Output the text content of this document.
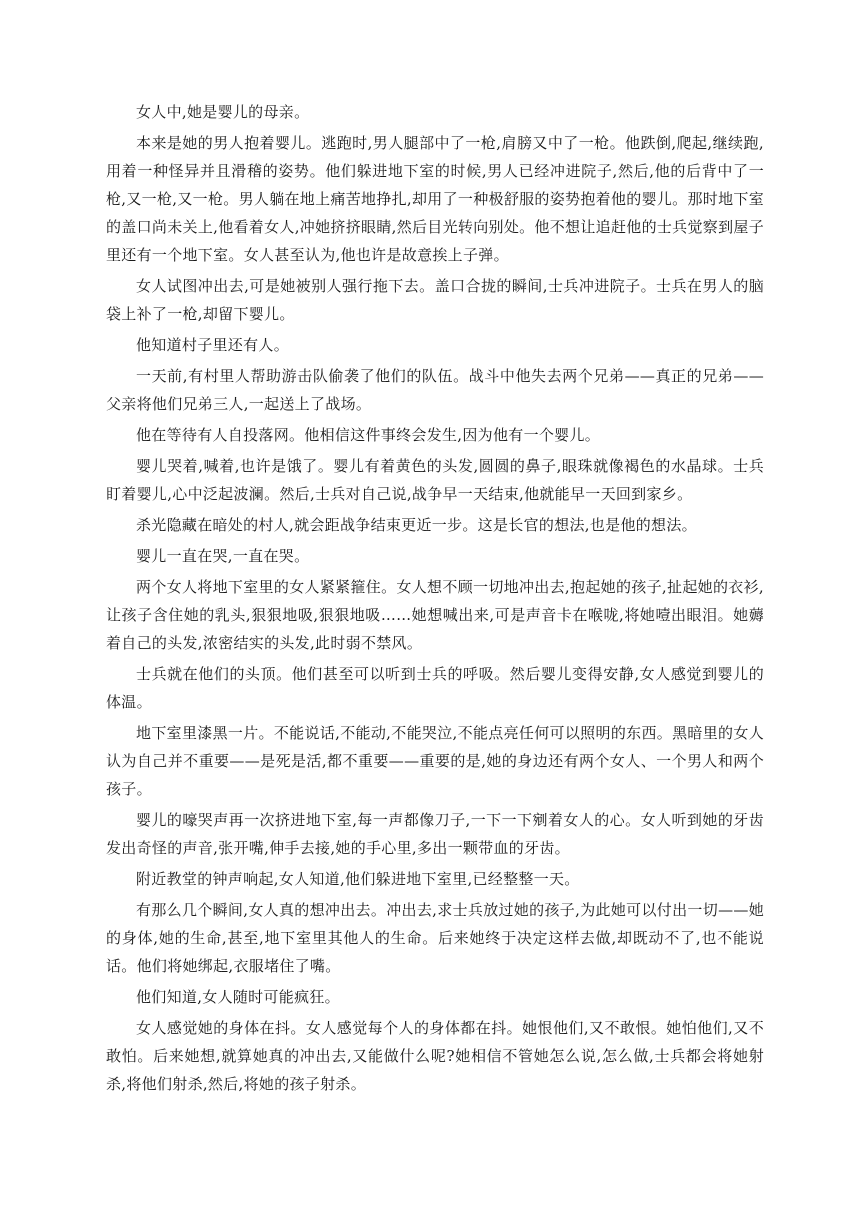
女人中,她是婴儿的母亲。

本来是她的男人抱着婴儿。逃跑时,男人腿部中了一枪,肩膀又中了一枪。他跌倒,爬起,继续跑,用着一种怪异并且滑稽的姿势。他们躲进地下室的时候,男人已经冲进院子,然后,他的后背中了一枪,又一枪,又一枪。男人躺在地上痛苦地挣扎,却用了一种极舒服的姿势抱着他的婴儿。那时地下室的盖口尚未关上,他看着女人,冲她挤挤眼睛,然后目光转向别处。他不想让追赶他的士兵觉察到屋子里还有一个地下室。女人甚至认为,他也许是故意挨上子弹。

女人试图冲出去,可是她被别人强行拖下去。盖口合拢的瞬间,士兵冲进院子。士兵在男人的脑袋上补了一枪,却留下婴儿。

他知道村子里还有人。

一天前,有村里人帮助游击队偷袭了他们的队伍。战斗中他失去两个兄弟——真正的兄弟——父亲将他们兄弟三人,一起送上了战场。

他在等待有人自投落网。他相信这件事终会发生,因为他有一个婴儿。

婴儿哭着,喊着,也许是饿了。婴儿有着黄色的头发,圆圆的鼻子,眼珠就像褐色的水晶球。士兵盯着婴儿,心中泛起波澜。然后,士兵对自己说,战争早一天结束,他就能早一天回到家乡。

杀光隐藏在暗处的村人,就会距战争结束更近一步。这是长官的想法,也是他的想法。

婴儿一直在哭,一直在哭。

两个女人将地下室里的女人紧紧箍住。女人想不顾一切地冲出去,抱起她的孩子,扯起她的衣衫,让孩子含住她的乳头,狠狠地吸,狠狠地吸……她想喊出来,可是声音卡在喉咙,将她噎出眼泪。她薅着自己的头发,浓密结实的头发,此时弱不禁风。

士兵就在他们的头顶。他们甚至可以听到士兵的呼吸。然后婴儿变得安静,女人感觉到婴儿的体温。

地下室里漆黑一片。不能说话,不能动,不能哭泣,不能点亮任何可以照明的东西。黑暗里的女人认为自己并不重要——是死是活,都不重要——重要的是,她的身边还有两个女人、一个男人和两个孩子。

婴儿的嚎哭声再一次挤进地下室,每一声都像刀子,一下一下剜着女人的心。女人听到她的牙齿发出奇怪的声音,张开嘴,伸手去接,她的手心里,多出一颗带血的牙齿。

附近教堂的钟声响起,女人知道,他们躲进地下室里,已经整整一天。

有那么几个瞬间,女人真的想冲出去。冲出去,求士兵放过她的孩子,为此她可以付出一切——她的身体,她的生命,甚至,地下室里其他人的生命。后来她终于决定这样去做,却既动不了,也不能说话。他们将她绑起,衣服堵住了嘴。

他们知道,女人随时可能疯狂。

女人感觉她的身体在抖。女人感觉每个人的身体都在抖。她恨他们,又不敢恨。她怕他们,又不敢怕。后来她想,就算她真的冲出去,又能做什么呢?她相信不管她怎么说,怎么做,士兵都会将她射杀,将他们射杀,然后,将她的孩子射杀。
